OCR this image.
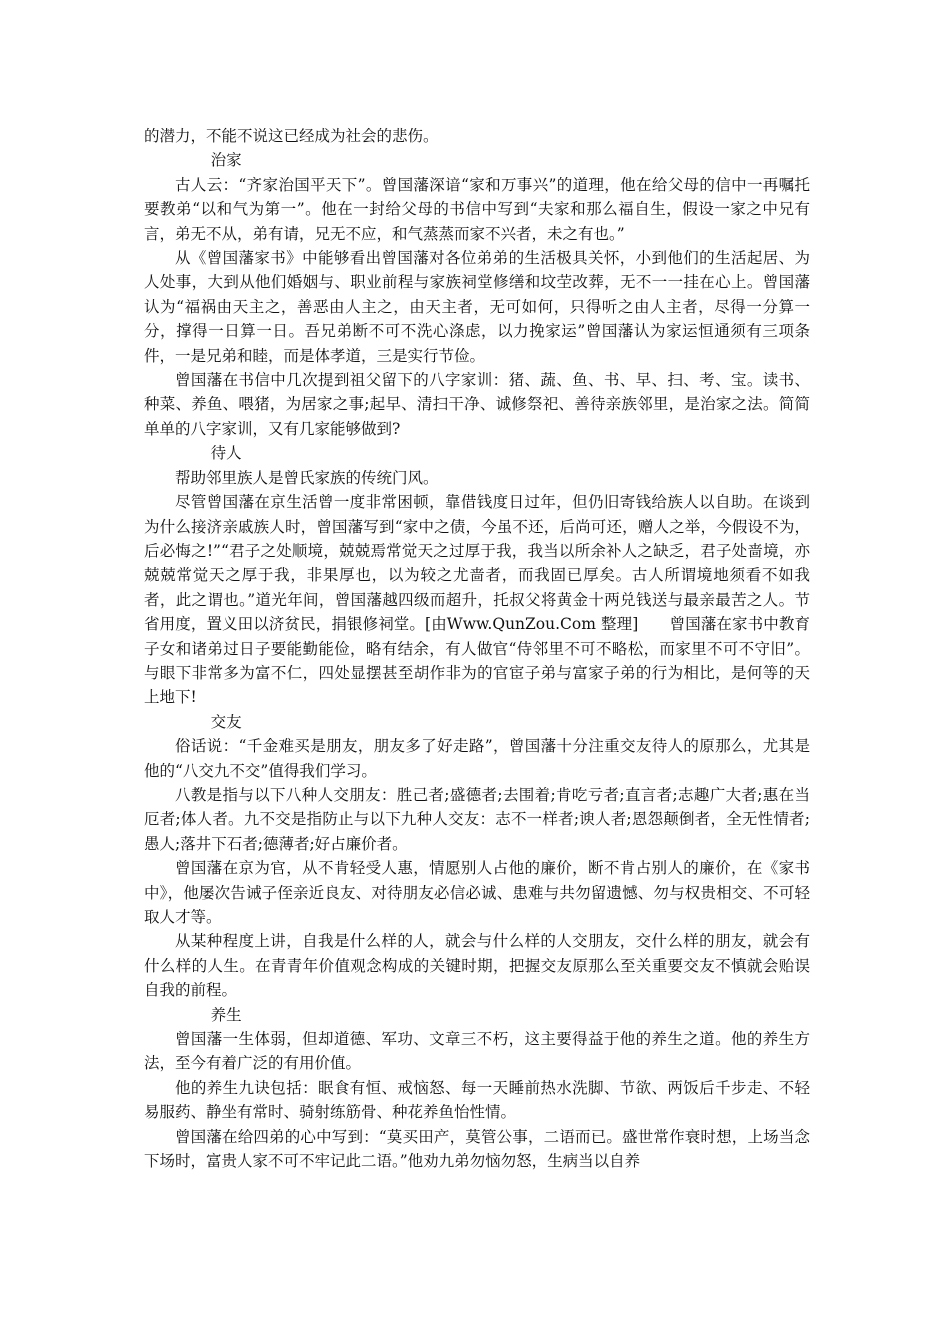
的潜力，不能不说这已经成为社会的悲伤。

治家

古人云：“齐家治国平天下”。曾国藩深谙“家和万事兴”的道理，他在给父母的信中一再嘱托要教弟“以和气为第一”。他在一封给父母的书信中写到“夫家和那么福自生，假设一家之中兄有言，弟无不从，弟有请，兄无不应，和气蒸蒸而家不兴者，未之有也。”

从《曾国藩家书》中能够看出曾国藩对各位弟弟的生活极具关怀，小到他们的生活起居、为人处事，大到从他们婚姻与、职业前程与家族祠堂修缮和坟茔改葬，无不一一挂在心上。曾国藩认为“福祸由天主之，善恶由人主之，由天主者，无可如何，只得听之由人主者，尽得一分算一分，撑得一日算一日。吾兄弟断不可不洗心涤虑，以力挽家运”曾国藩认为家运恒通须有三项条件，一是兄弟和睦，而是体孝道，三是实行节俭。

曾国藩在书信中几次提到祖父留下的八字家训：猪、蔬、鱼、书、早、扫、考、宝。读书、种菜、养鱼、喂猪，为居家之事;起早、清扫干净、诚修祭祀、善待亲族邻里，是治家之法。简简单单的八字家训，又有几家能够做到?

待人

帮助邻里族人是曾氏家族的传统门风。

尽管曾国藩在京生活曾一度非常困顿，靠借钱度日过年，但仍旧寄钱给族人以自助。在谈到为什么接济亲戚族人时，曾国藩写到“家中之债，今虽不还，后尚可还，赠人之举，今假设不为，后必悔之!”“君子之处顺境，兢兢焉常觉天之过厚于我，我当以所余补人之缺乏，君子处啬境，亦兢兢常觉天之厚于我，非果厚也，以为较之尤啬者，而我固已厚矣。古人所谓境地须看不如我者，此之谓也。”道光年间，曾国藩越四级而超升，托叔父将黄金十两兑钱送与最亲最苦之人。节省用度，置义田以济贫民，捐银修祠堂。[由Www.QunZou.Com 整理]　　曾国藩在家书中教育子女和诸弟过日子要能勤能俭，略有结余，有人做官“侍邻里不可不略松，而家里不可不守旧”。与眼下非常多为富不仁，四处显摆甚至胡作非为的官宦子弟与富家子弟的行为相比，是何等的天上地下!

交友

俗话说：“千金难买是朋友，朋友多了好走路”，曾国藩十分注重交友待人的原那么，尤其是他的“八交九不交”值得我们学习。

八教是指与以下八种人交朋友：胜己者;盛德者;去围着;肯吃亏者;直言者;志趣广大者;惠在当厄者;体人者。九不交是指防止与以下九种人交友：志不一样者;谀人者;恩怨颠倒者，全无性情者;愚人;落井下石者;德薄者;好占廉价者。

曾国藩在京为官，从不肯轻受人惠，情愿别人占他的廉价，断不肯占别人的廉价，在《家书中》，他屡次告诫子侄亲近良友、对待朋友必信必诚、患难与共勿留遗憾、勿与权贵相交、不可轻取人才等。

从某种程度上讲，自我是什么样的人，就会与什么样的人交朋友，交什么样的朋友，就会有什么样的人生。在青青年价值观念构成的关键时期，把握交友原那么至关重要交友不慎就会贻误自我的前程。

养生

曾国藩一生体弱，但却道德、军功、文章三不朽，这主要得益于他的养生之道。他的养生方法，至今有着广泛的有用价值。

他的养生九诀包括：眠食有恒、戒恼怒、每一天睡前热水洗脚、节欲、两饭后千步走、不轻易服药、静坐有常时、骑射练筋骨、种花养鱼怡性情。

曾国藩在给四弟的心中写到：“莫买田产，莫管公事，二语而已。盛世常作衰时想，上场当念下场时，富贵人家不可不牢记此二语。”他劝九弟勿恼勿怒，生病当以自养
